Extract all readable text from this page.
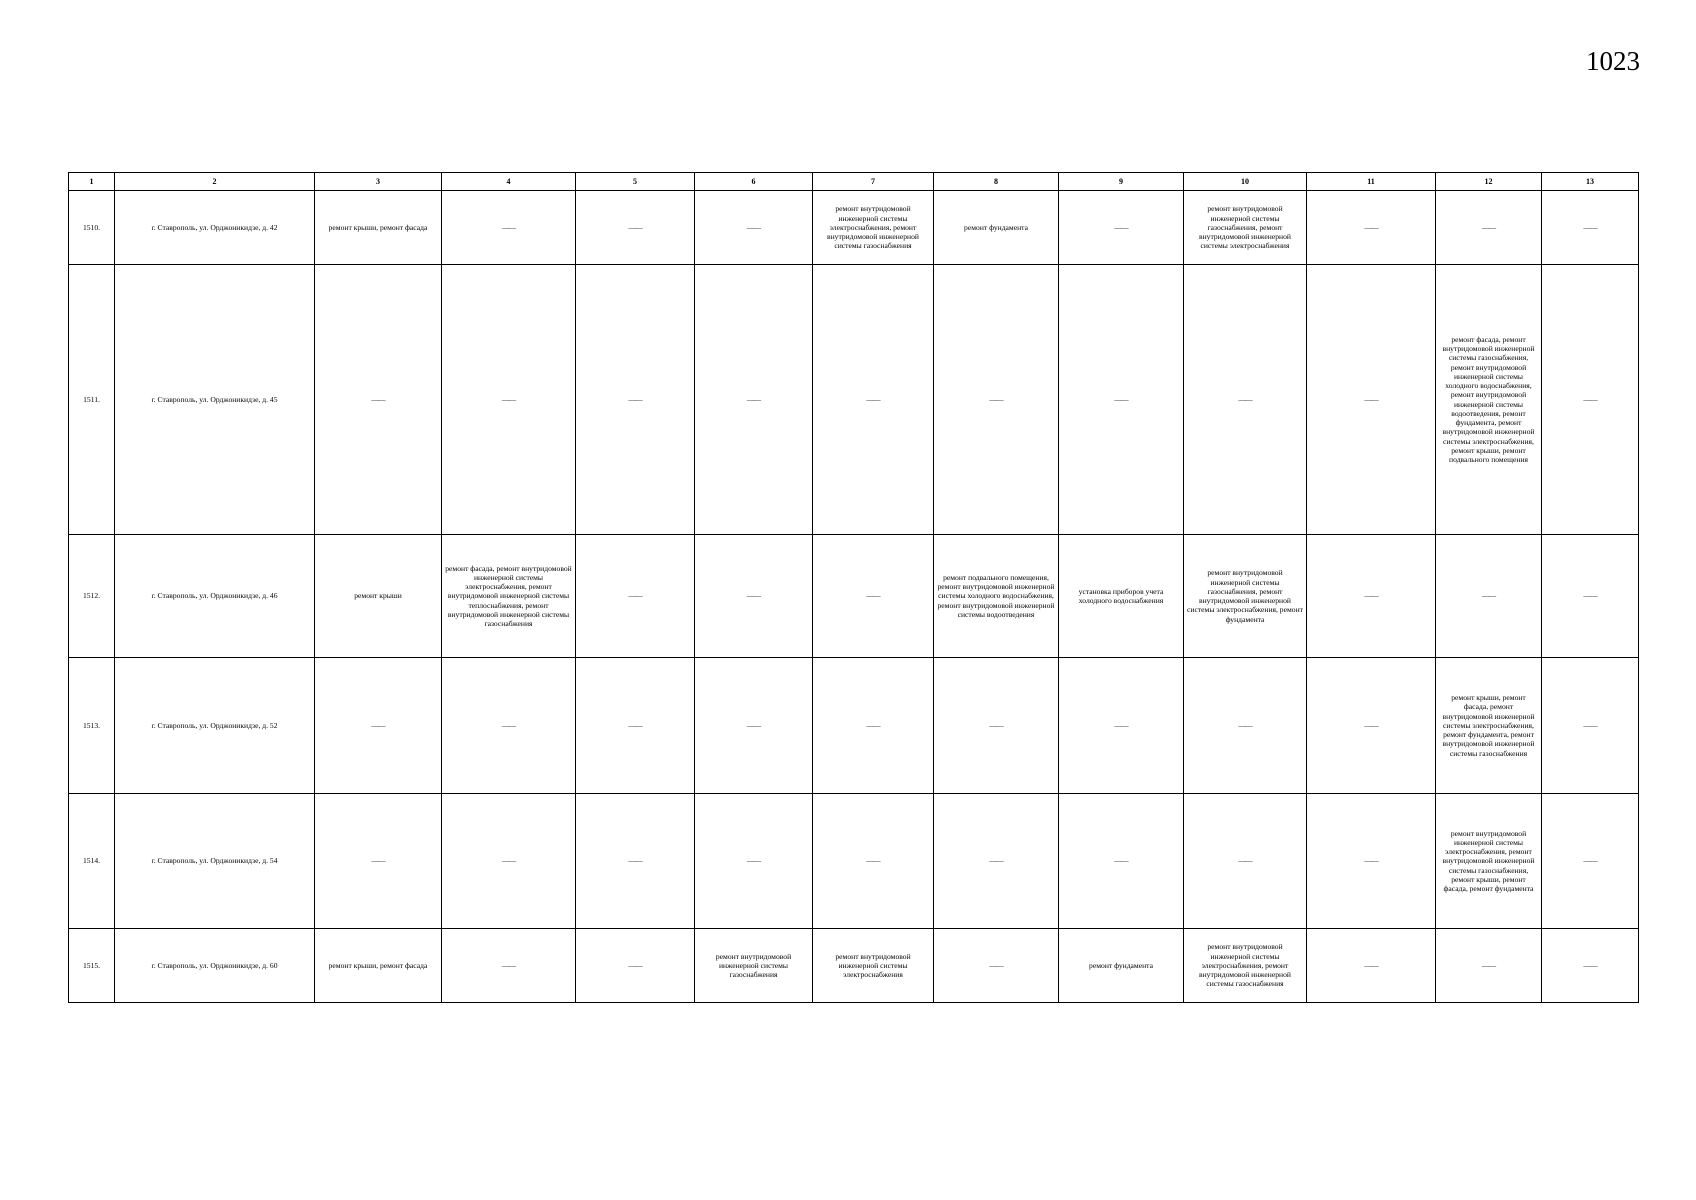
1023
1	2	3	4	5	6	7	8	9	10	11	12	13
1510.	г. Ставрополь, ул. Орджоникидзе, д. 42	ремонт крыши, ремонт фасада	——	——	——	ремонт внутридомовой инженерной системы электроснабжения, ремонт внутридомовой инженерной системы газоснабжения	ремонт фундамента	——	ремонт внутридомовой инженерной системы газоснабжения, ремонт внутридомовой инженерной системы электроснабжения	——	——	——
1511.	г. Ставрополь, ул. Орджоникидзе, д. 45	——	——	——	——	——	——	——	——	——	ремонт фасада, ремонт внутридомовой инженерной системы газоснабжения, ремонт внутридомовой инженерной системы холодного водоснабжения, ремонт внутридомовой инженерной системы водоотведения, ремонт фундамента, ремонт внутридомовой инженерной системы электроснабжения, ремонт крыши, ремонт подвального помещения	——
1512.	г. Ставрополь, ул. Орджоникидзе, д. 46	ремонт крыши	ремонт фасада, ремонт внутридомовой инженерной системы электроснабжения, ремонт внутридомовой инженерной системы теплоснабжения, ремонт внутридомовой инженерной системы газоснабжения	——	——	——	ремонт подвального помещения, ремонт внутридомовой инженерной системы холодного водоснабжения, ремонт внутридомовой инженерной системы водоотведения	установка приборов учета холодного водоснабжения	ремонт внутридомовой инженерной системы газоснабжения, ремонт внутридомовой инженерной системы электроснабжения, ремонт фундамента	——	——	——
1513.	г. Ставрополь, ул. Орджоникидзе, д. 52	——	——	——	——	——	——	——	——	——	ремонт крыши, ремонт фасада, ремонт внутридомовой инженерной системы электроснабжения, ремонт фундамента, ремонт внутридомовой инженерной системы газоснабжения	——
1514.	г. Ставрополь, ул. Орджоникидзе, д. 54	——	——	——	——	——	——	——	——	——	ремонт внутридомовой инженерной системы электроснабжения, ремонт внутридомовой инженерной системы газоснабжения, ремонт крыши, ремонт фасада, ремонт фундамента	——
1515.	г. Ставрополь, ул. Орджоникидзе, д. 60	ремонт крыши, ремонт фасада	——	——	ремонт внутридомовой инженерной системы газоснабжения	ремонт внутридомовой инженерной системы электроснабжения	——	ремонт фундамента	ремонт внутридомовой инженерной системы электроснабжения, ремонт внутридомовой инженерной системы газоснабжения	——	——	——
